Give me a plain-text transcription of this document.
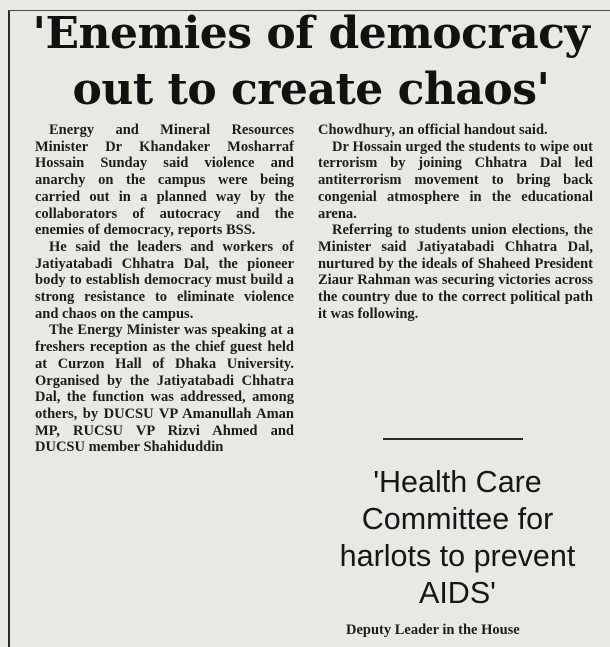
'Enemies of democracy
out to create chaos'

Energy and Mineral Resources Minister Dr Khandaker Mosharraf Hossain Sunday said violence and anarchy on the campus were being carried out in a planned way by the collaborators of autocracy and the enemies of democracy, reports BSS.

He said the leaders and workers of Jatiyatabadi Chhatra Dal, the pioneer body to establish democracy must build a strong resistance to eliminate violence and chaos on the campus.

The Energy Minister was speaking at a freshers reception as the chief guest held at Curzon Hall of Dhaka University. Organised by the Jatiyatabadi Chhatra Dal, the function was addressed, among others, by DUCSU VP Amanullah Aman MP, RUCSU VP Rizvi Ahmed and DUCSU member Shahiduddin

Chowdhury, an official handout said.

Dr Hossain urged the students to wipe out terrorism by joining Chhatra Dal led antiterrorism movement to bring back congenial atmosphere in the educational arena.

Referring to students union elections, the Minister said Jatiyatabadi Chhatra Dal, nurtured by the ideals of Shaheed President Ziaur Rahman was securing victories across the country due to the correct political path it was following.

'Health Care Committee for harlots to prevent AIDS'
Deputy Leader in the House
